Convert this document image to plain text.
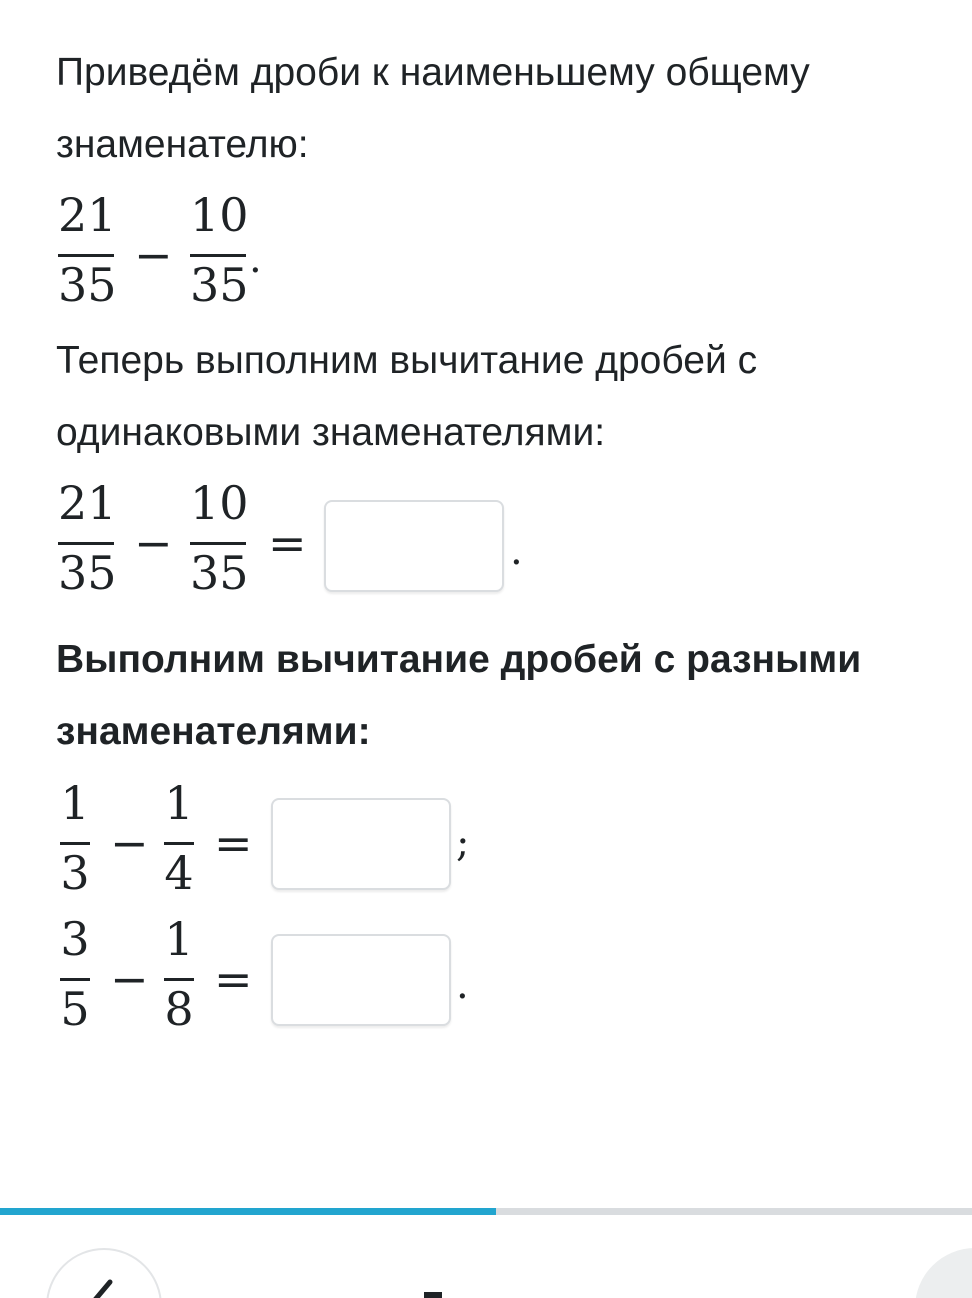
Приведём дроби к наименьшему общему знаменателю:

21
35
−
10
35 .

Теперь выполним вычитание дробей с одинаковыми знаменателями:

21
35
−
10
35
=	.

Выполним вычитание дробей с разными знаменателями:

1
3
−
1
4
=	;
3
5
−
1
8
=	.
